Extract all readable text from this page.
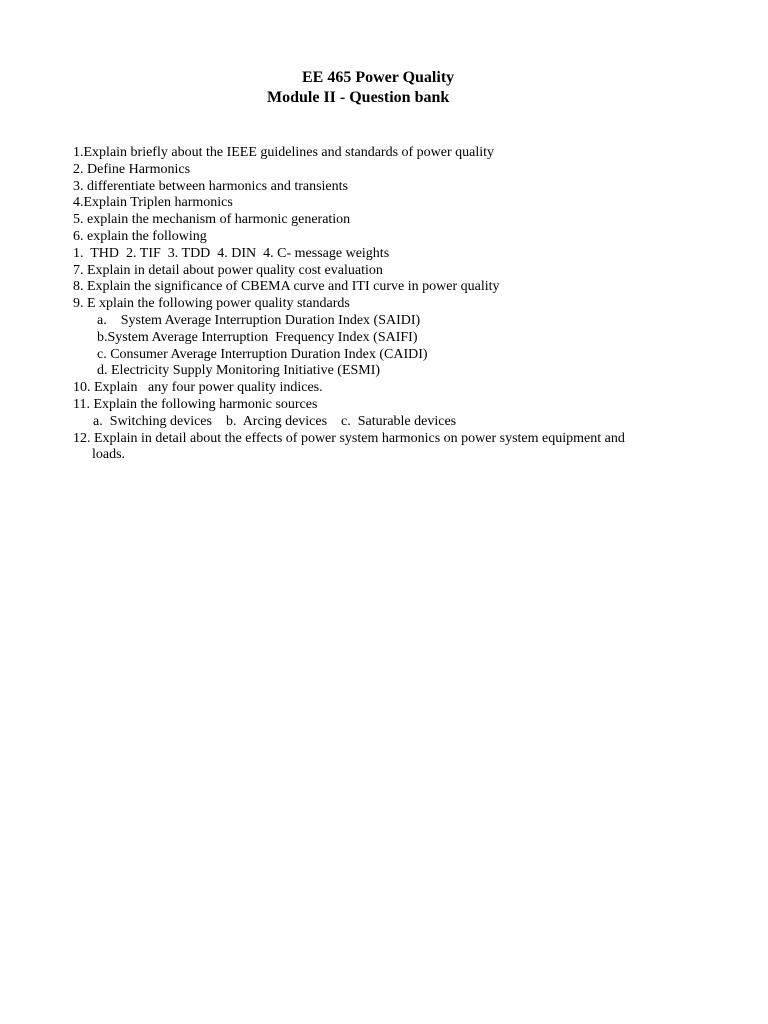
EE 465 Power Quality
Module II - Question bank
1.Explain briefly about the IEEE guidelines and standards of power quality
2. Define Harmonics
3. differentiate between harmonics and transients
4.Explain Triplen harmonics
5. explain the mechanism of harmonic generation
6. explain the following
1.  THD  2. TIF  3. TDD  4. DIN  4. C- message weights
7. Explain in detail about power quality cost evaluation
8. Explain the significance of CBEMA curve and ITI curve in power quality
9. E xplain the following power quality standards
a.    System Average Interruption Duration Index (SAIDI)
b.System Average Interruption  Frequency Index (SAIFI)
c. Consumer Average Interruption Duration Index (CAIDI)
d. Electricity Supply Monitoring Initiative (ESMI)
10. Explain   any four power quality indices.
11. Explain the following harmonic sources
a.  Switching devices    b.  Arcing devices    c.  Saturable devices
12. Explain in detail about the effects of power system harmonics on power system equipment and
loads.
